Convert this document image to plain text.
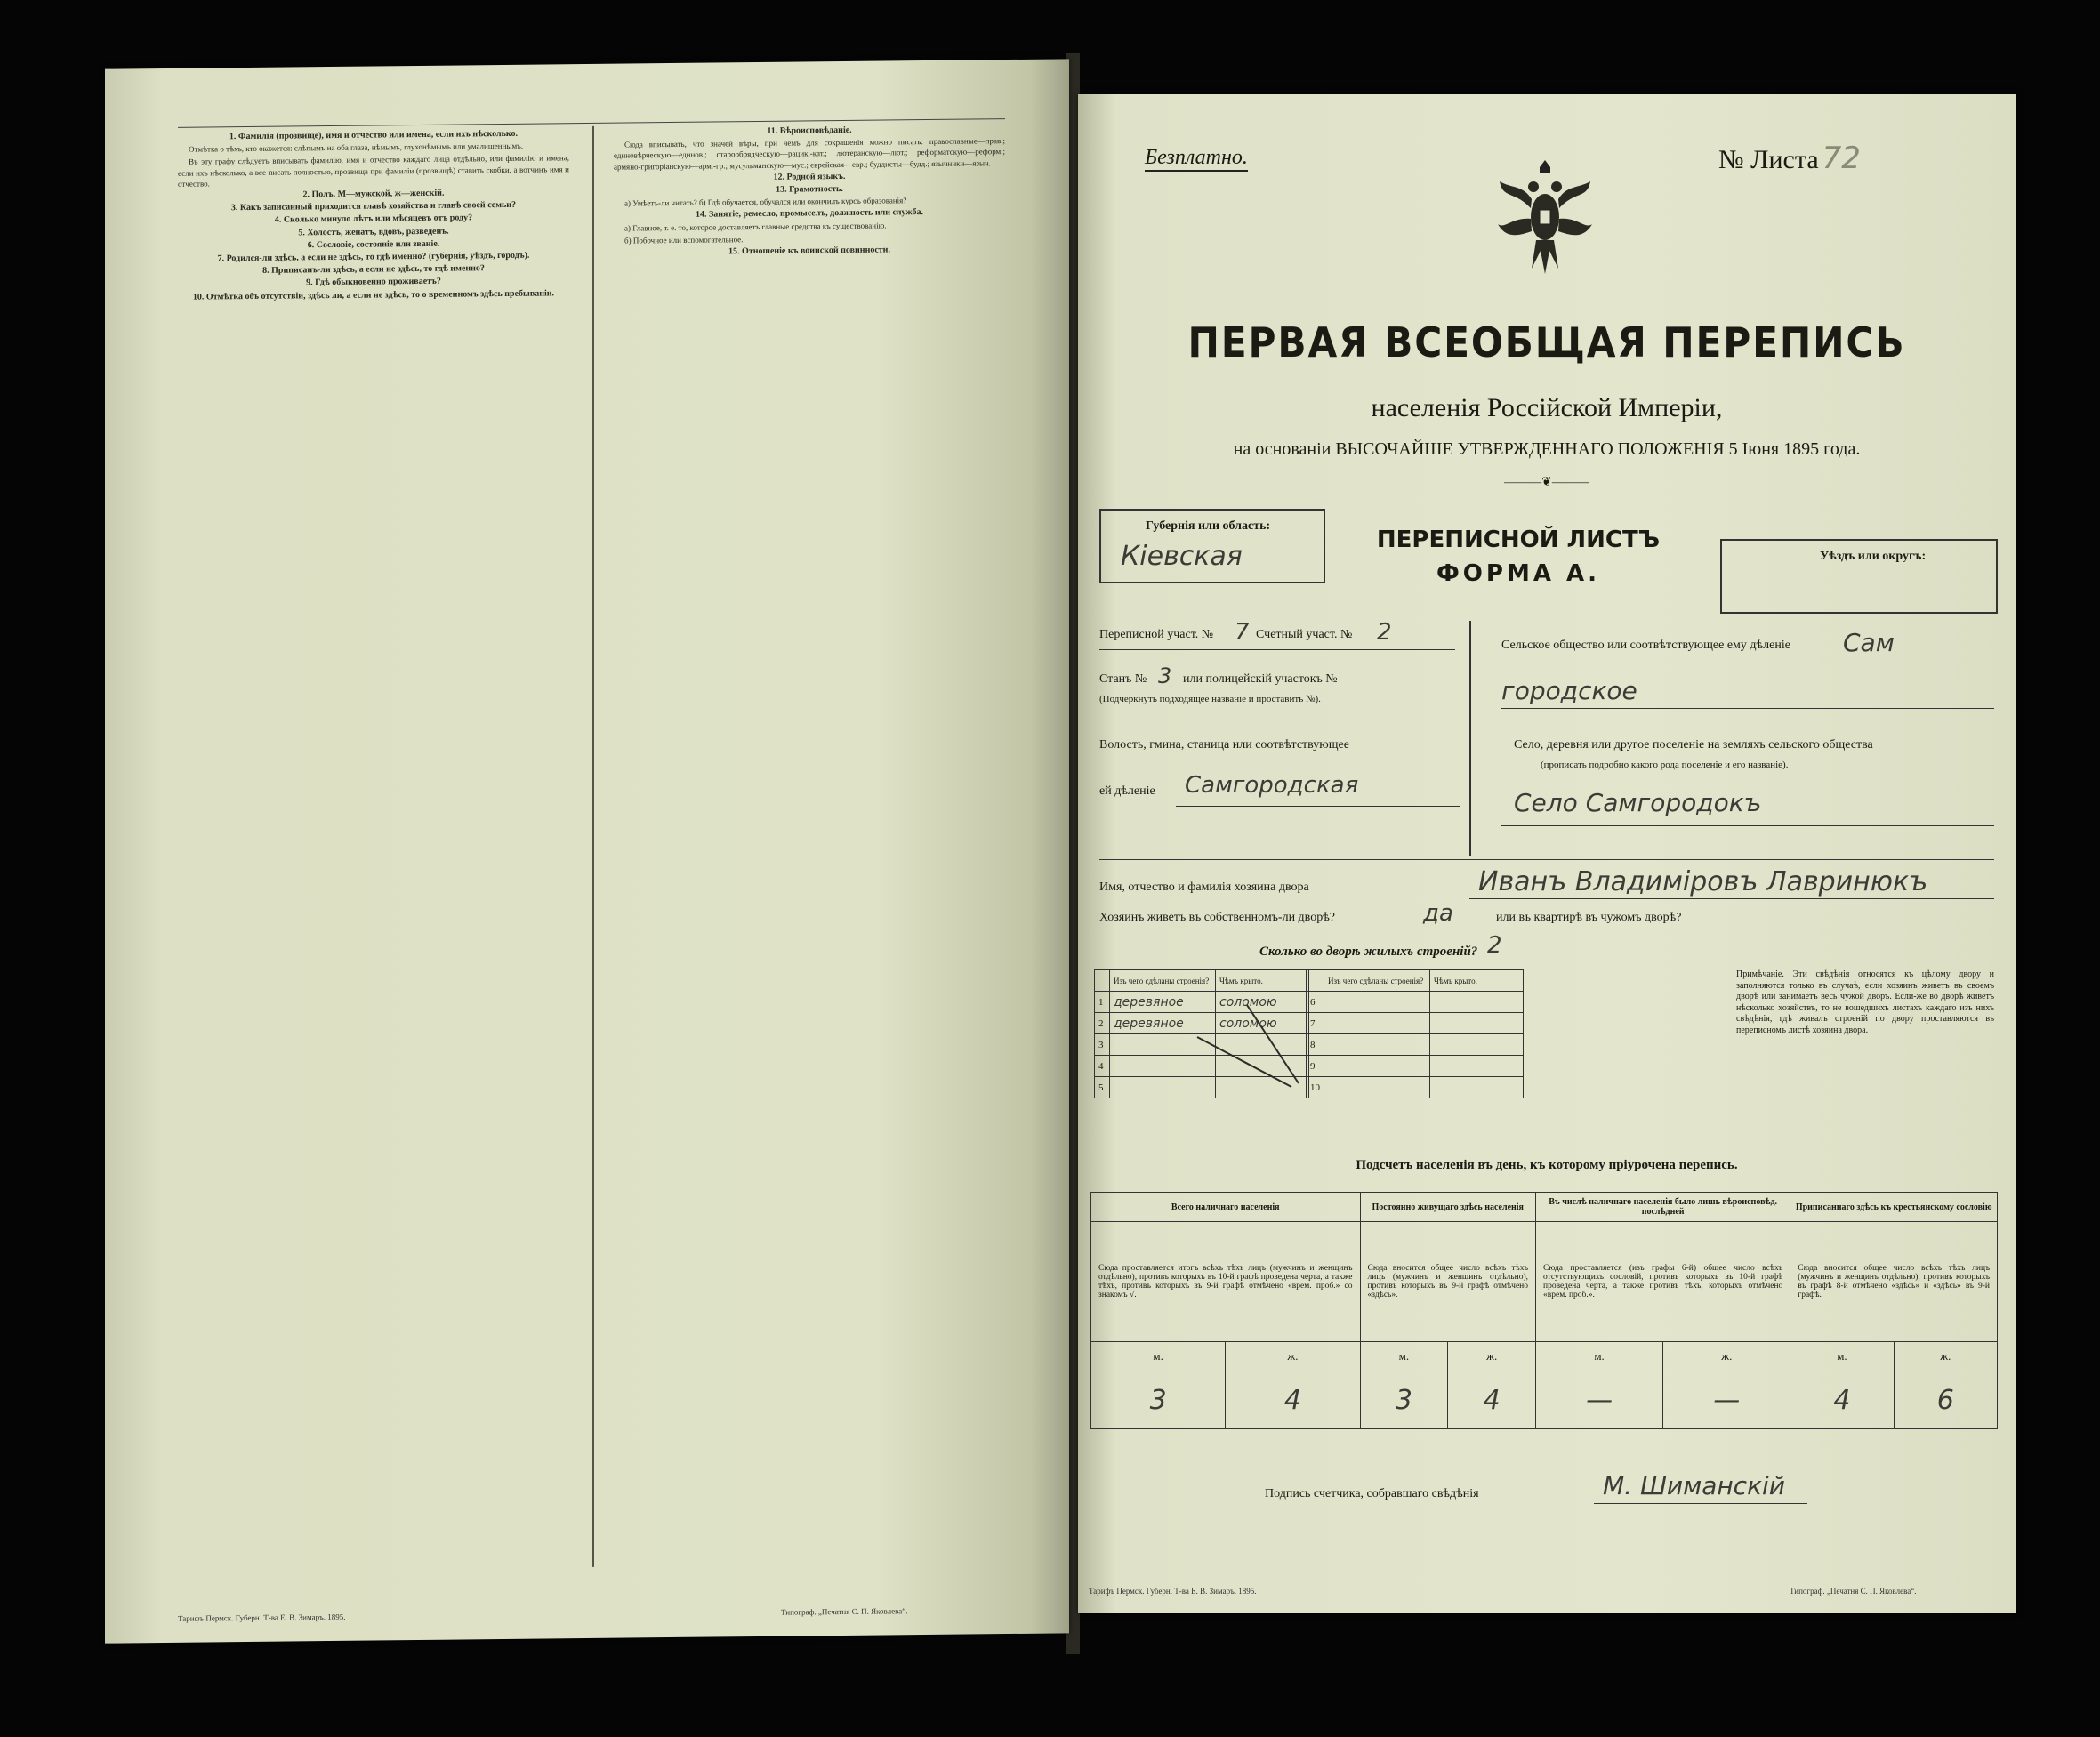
1. Фамилія (прозвище), имя и отчество или имена, если ихъ нѣсколько.

Отмѣтка о тѣхъ, кто окажется: слѣпымъ на оба глаза, нѣмымъ, глухонѣмымъ или умалишеннымъ.

Въ эту графу слѣдуетъ вписывать фамилію, имя и отчество каждаго лица отдѣльно, или фамилію и имена, если ихъ нѣсколько, а все писать полностью, прозвища при фамиліи (прозвищѣ) ставить скобки, а вотчинъ имя и отчество.

2. Полъ. М—мужской, ж—женскій.
3. Какъ записанный приходится главѣ хозяйства и главѣ своей семьи?
4. Сколько минуло лѣтъ или мѣсяцевъ отъ роду?
5. Холостъ, женатъ, вдовъ, разведенъ.
6. Сословіе, состояніе или званіе.
7. Родился-ли здѣсь, а если не здѣсь, то гдѣ именно? (губернія, уѣздъ, городъ).
8. Приписанъ-ли здѣсь, а если не здѣсь, то гдѣ именно?
9. Гдѣ обыкновенно проживаетъ?
10. Отмѣтка объ отсутствіи, здѣсь ли, а если не здѣсь, то о временномъ здѣсь пребываніи.
11. Вѣроисповѣданіе.

Сюда вписывать, что значей вѣры, при чемъ для сокращенія можно писать: православные—прав.; единовѣрческую—единов.; старообрядческую—рацик.-кат.; лютеранскую—лют.; реформатскую—реформ.; армяно-григоріанскую—арм.-гр.; мусульманскую—мус.; еврейская—евр.; буддисты—будд.; язычники—языч.

12. Родной языкъ.
13. Грамотность.

а) Умѣетъ-ли читать? б) Гдѣ обучается, обучался или окончилъ курсъ образованія?

14. Занятіе, ремесло, промыселъ, должность или служба.

а) Главное, т. е. то, которое доставляетъ главные средства къ существованію.

б) Побочное или вспомогательное.

15. Отношеніе къ воинской повинности.
Тарифъ Пермск. Губерн. Т-ва Е. В. Зимаръ. 1895.
Типограф. „Печатня С. П. Яковлева“.
Безплатно.	№ Листа 72
ПЕРВАЯ ВСЕОБЩАЯ ПЕРЕПИСЬ
населенія Россійской Имперіи,
на основаніи ВЫСОЧАЙШЕ УТВЕРЖДЕННАГО ПОЛОЖЕНІЯ 5 Іюня 1895 года.
———❦———
Губернія или область:
Кіевская
ПЕРЕПИСНОЙ ЛИСТЪ
ФОРМА А.
Уѣздъ или округъ:
Переписной участ. № 7 Счетный участ. № 2
Станъ № 3 или полицейскій участокъ №
(Подчеркнуть подходящее названіе и проставить №).
Волость, гмина, станица или соотвѣтствующее
ей дѣленіе Самгородская
Сельское общество или соотвѣтствующее ему дѣленіе Сам
городское
Село, деревня или другое поселеніе на земляхъ сельского общества
(прописать подробно какого рода поселеніе и его названіе).
Село Самгородокъ
Имя, отчество и фамилія хозяина двора	Иванъ Владиміровъ Лавринюкъ
Хозяинъ живетъ въ собственномъ-ли дворѣ?	да	или въ квартирѣ въ чужомъ дворѣ?
Сколько во дворѣ жилыхъ строеній? 2
	Изъ чего сдѣланы строенія?	Чѣмъ крыто.
1	деревяное	соломою
2	деревяное	соломою
3		
4		
5		
	Изъ чего сдѣланы строенія?	Чѣмъ крыто.
6		
7		
8		
9		
10		
Примѣчаніе. Эти свѣдѣнія относятся къ цѣлому двору и заполняются только въ случаѣ, если хозяинъ живетъ въ своемъ дворѣ или занимаетъ весь чужой дворъ. Если-же во дворѣ живетъ нѣсколько хозяйствъ, то не вошедшихъ листахъ каждаго изъ нихъ свѣдѣнія, гдѣ живалъ строеній по двору проставляются въ переписномъ листѣ хозяина двора.
Подсчетъ населенія въ день, къ которому пріурочена перепись.
Всего наличнаго населенія		Постоянно живущаго здѣсь населенія		Въ числѣ наличнаго населенія было лишь вѣроисповѣд. послѣдней		Приписаннаго здѣсь къ крестьянскому сословію	
Сюда проставляется итогъ всѣхъ тѣхъ лицъ (мужчинъ и женщинъ отдѣльно), противъ которыхъ въ 10-й графѣ проведена черта, а также тѣхъ, противъ которыхъ въ 9-й графѣ отмѣчено «врем. проб.» со знакомъ √.		Сюда вносится общее число всѣхъ тѣхъ лицъ (мужчинъ и женщинъ отдѣльно), противъ которыхъ въ 9-й графѣ отмѣчено «здѣсь».		Сюда проставляется (изъ графы 6-й) общее число всѣхъ отсутствующихъ сословій, противъ которыхъ въ 10-й графѣ проведена черта, а также противъ тѣхъ, которыхъ отмѣчено «врем. проб.».		Сюда вносится общее число всѣхъ тѣхъ лицъ (мужчинъ и женщинъ отдѣльно), противъ которыхъ въ графѣ 8-й отмѣчено «здѣсь» и «здѣсь» въ 9-й графѣ.	
м.	ж.	м.	ж.	м.	ж.	м.	ж.
3	4	3	4	—	—	4	6
Подпись счетчика, собравшаго свѣдѣнія	М. Шиманскій
Тарифъ Пермск. Губерн. Т-ва Е. В. Зимаръ. 1895.	Типограф. „Печатня С. П. Яковлева“.
